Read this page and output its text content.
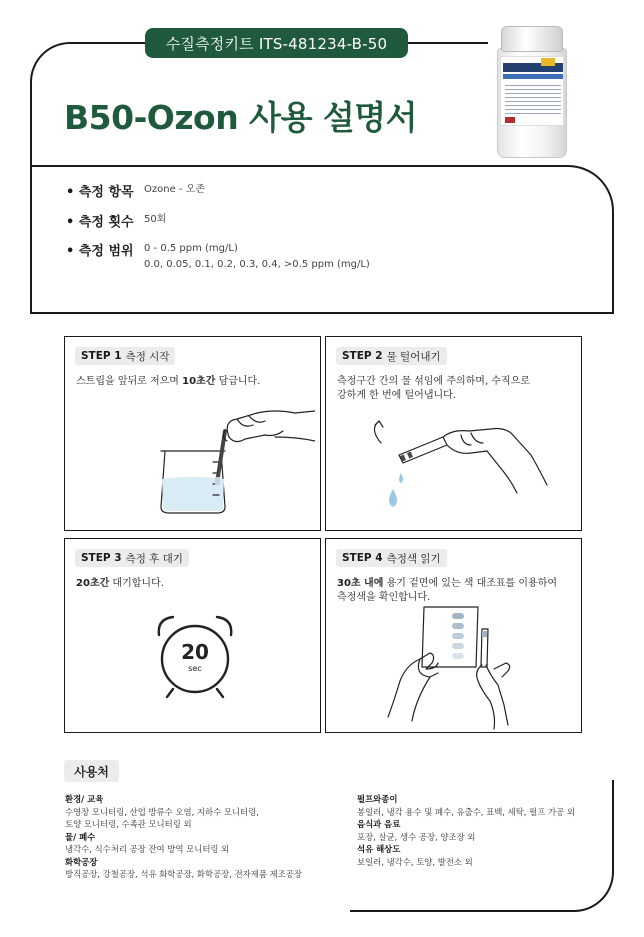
수질측정키트 ITS-481234-B-50
B50-Ozon 사용 설명서
• 측정 항목	Ozone - 오존
• 측정 횟수	50회
• 측정 범위	0 - 0.5 ppm (mg/L)
0.0, 0.05, 0.1, 0.2, 0.3, 0.4, >0.5 ppm (mg/L)
STEP 1 측정 시작
스트립을 앞뒤로 저으며 10초간 담급니다.
STEP 2 물 털어내기
측정구간 간의 물 섞임에 주의하며, 수직으로
강하게 한 번에 털어냅니다.
STEP 3 측정 후 대기
20초간 대기합니다.
20
sec
STEP 4 측정색 읽기
30초 내에 용기 겉면에 있는 색 대조표를 이용하여
측정색을 확인합니다.
사용처
환경/ 교육
수영장 모니터링, 산업 방류수 오염, 지하수 모니터링,
토양 모니터링, 수족관 모니터링 외
물/ 폐수
냉각수, 식수처리 공장 잔여 방역 모니터링 외
화학공장
방직공장, 강철공장, 석유 화학공장, 화학공장, 전자제품 제조공장
펄프와종이
봉일러, 냉각 용수 및 폐수, 유출수, 표백, 세탁, 펄프 가공 외
음식과 음료
포장, 살균, 생수 공장, 양조장 외
석유 해상도
보일러, 냉각수, 토양, 발전소 외
